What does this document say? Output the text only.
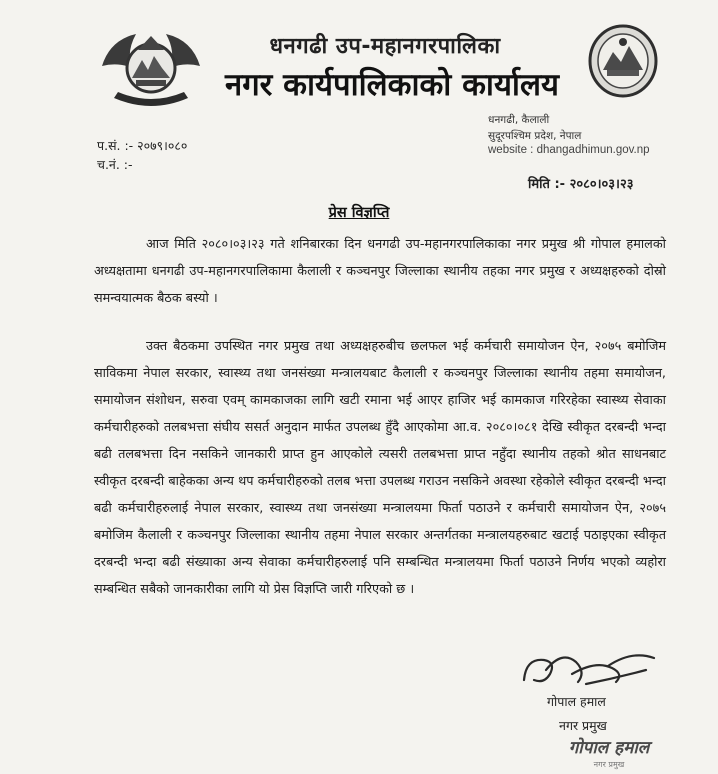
धनगढी उप-महानगरपालिका
नगर कार्यपालिकाको कार्यालय
धनगढी, कैलाली
सुदूरपश्चिम प्रदेश, नेपाल
website : dhangadhimun.gov.np
प.सं. :- २०७९।०८०
च.नं. :-
मिति :- २०८०।०३।२३
प्रेस विज्ञप्ति
आज मिति २०८०।०३।२३ गते शनिबारका दिन धनगढी उप-महानगरपालिकाका नगर प्रमुख श्री गोपाल हमालको अध्यक्षतामा धनगढी उप-महानगरपालिकामा कैलाली र कञ्चनपुर जिल्लाका स्थानीय तहका नगर प्रमुख र अध्यक्षहरुको दोस्रो समन्वयात्मक बैठक बस्यो ।
उक्त बैठकमा उपस्थित नगर प्रमुख तथा अध्यक्षहरुबीच छलफल भई कर्मचारी समायोजन ऐन, २०७५ बमोजिम साविकमा नेपाल सरकार, स्वास्थ्य तथा जनसंख्या मन्त्रालयबाट कैलाली र कञ्चनपुर जिल्लाका स्थानीय तहमा समायोजन, समायोजन संशोधन, सरुवा एवम् कामकाजका लागि खटी रमाना भई आएर हाजिर भई कामकाज गरिरहेका स्वास्थ्य सेवाका कर्मचारीहरुको तलबभत्ता संघीय ससर्त अनुदान मार्फत उपलब्ध हुँदै आएकोमा आ.व. २०८०।०८१ देखि स्वीकृत दरबन्दी भन्दा बढी तलबभत्ता दिन नसकिने जानकारी प्राप्त हुन आएकोले त्यसरी तलबभत्ता प्राप्त नहुँदा स्थानीय तहको श्रोत साधनबाट स्वीकृत दरबन्दी बाहेकका अन्य थप कर्मचारीहरुको तलब भत्ता उपलब्ध गराउन नसकिने अवस्था रहेकोले स्वीकृत दरबन्दी भन्दा बढी कर्मचारीहरुलाई नेपाल सरकार, स्वास्थ्य तथा जनसंख्या मन्त्रालयमा फिर्ता पठाउने र कर्मचारी समायोजन ऐन, २०७५ बमोजिम कैलाली र कञ्चनपुर जिल्लाका स्थानीय तहमा नेपाल सरकार अन्तर्गतका मन्त्रालयहरुबाट खटाई पठाइएका स्वीकृत दरबन्दी भन्दा बढी संख्याका अन्य सेवाका कर्मचारीहरुलाई पनि सम्बन्धित मन्त्रालयमा फिर्ता पठाउने निर्णय भएको व्यहोरा सम्बन्धित सबैको जानकारीका लागि यो प्रेस विज्ञप्ति जारी गरिएको छ ।
गोपाल हमाल
नगर प्रमुख
गोपाल हमाल
नगर प्रमुख
